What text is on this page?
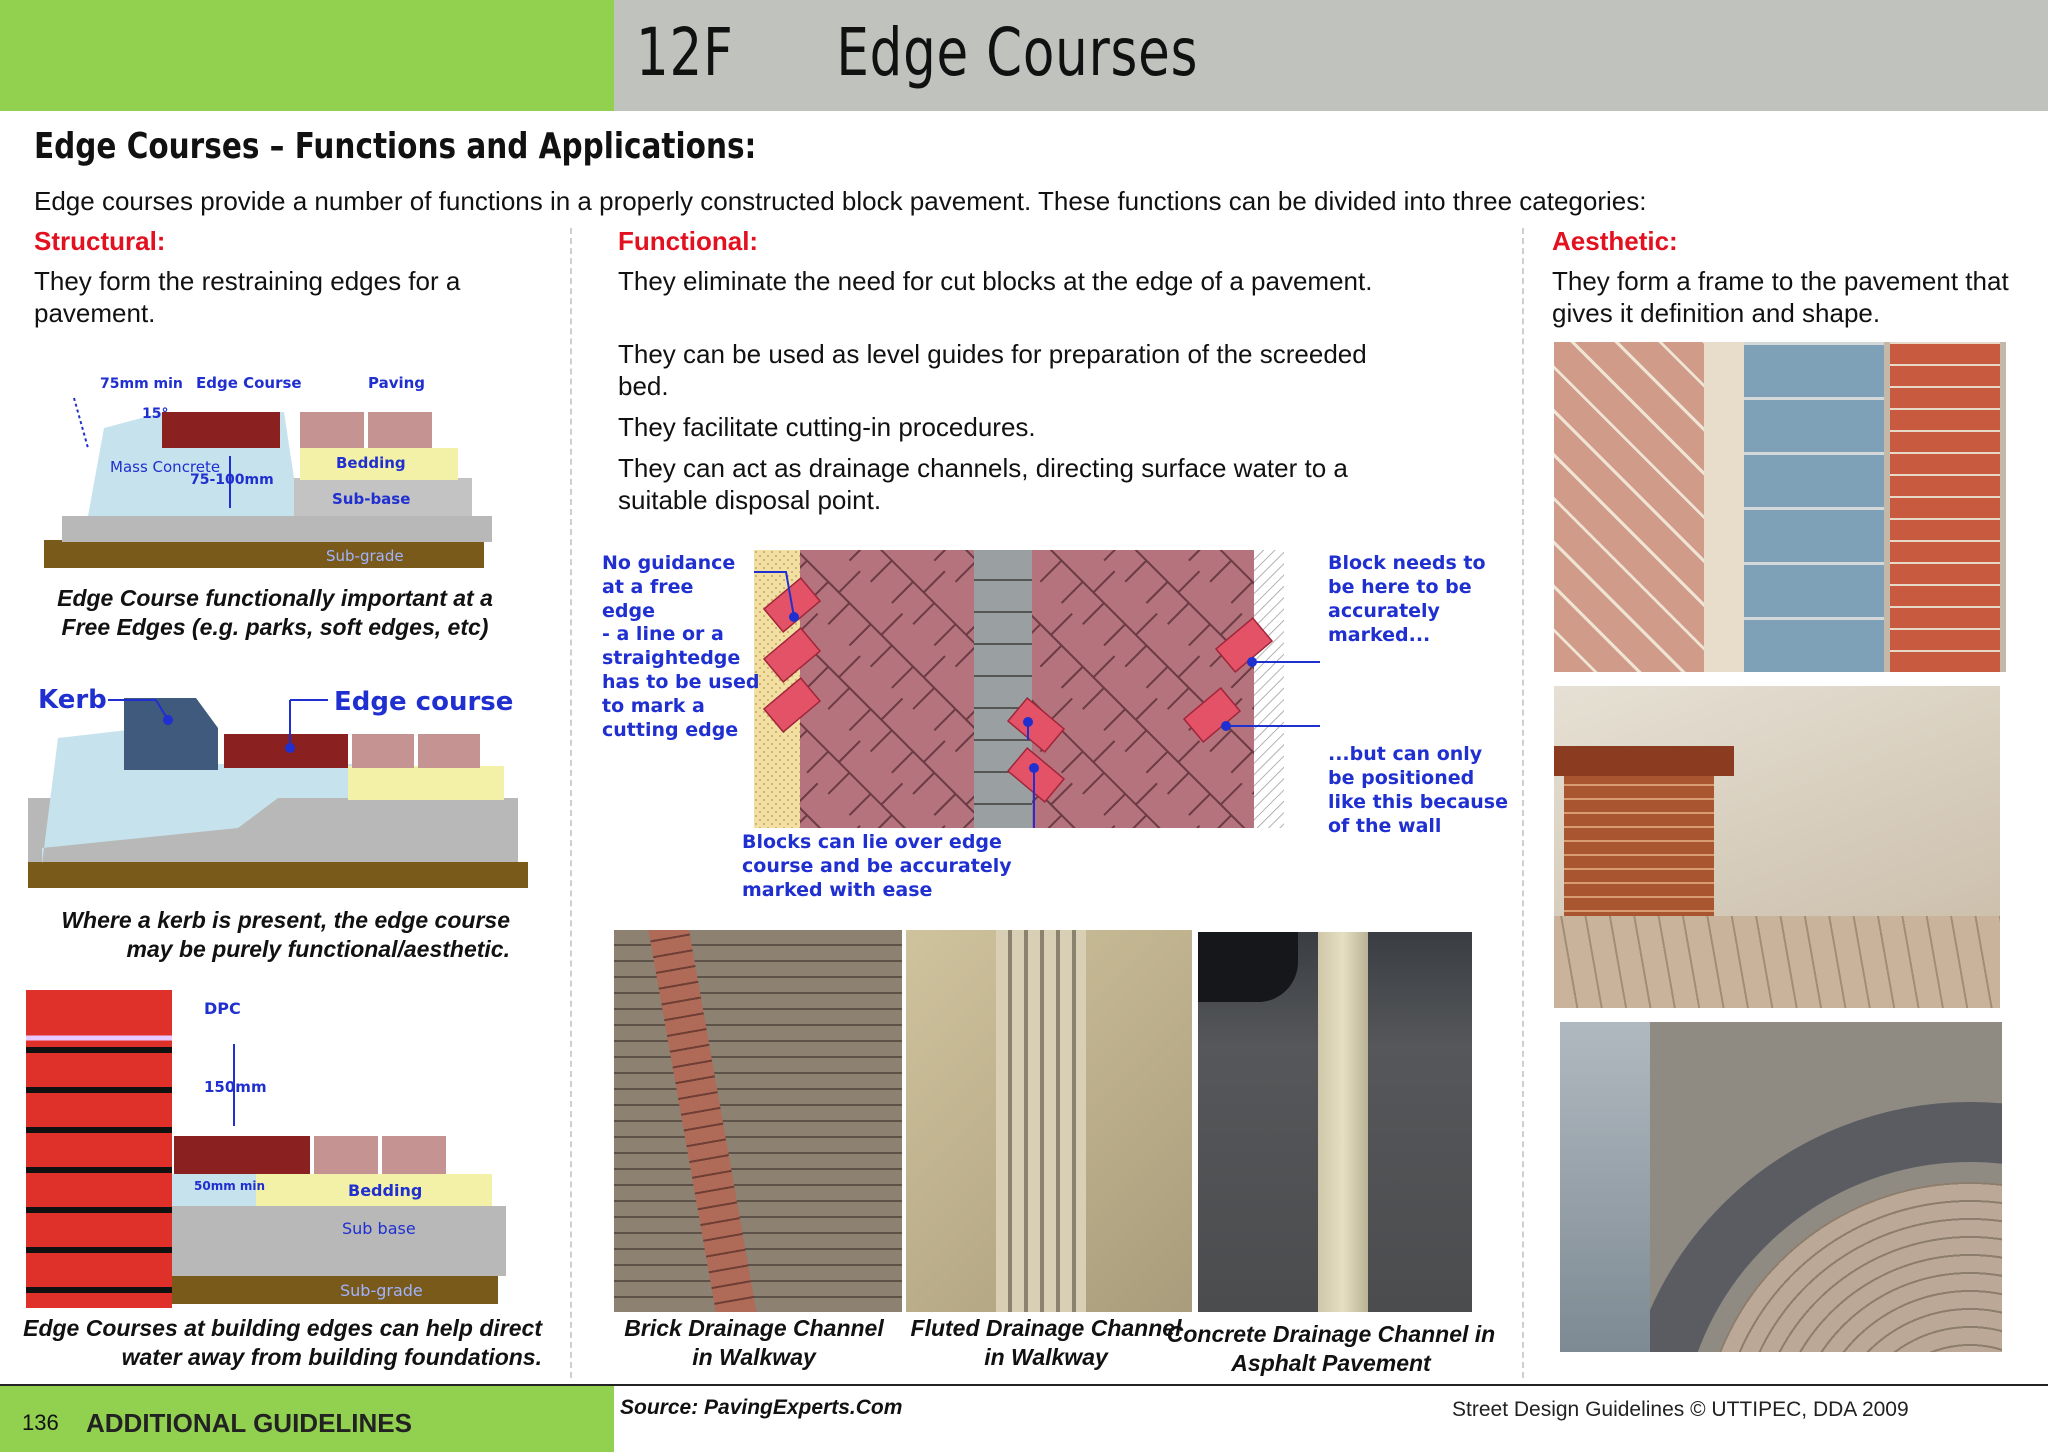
12F Edge Courses
Edge Courses – Functions and Applications:
Edge courses provide a number of functions in a properly constructed block pavement. These functions can be divided into three categories:
Structural:
They form the restraining edges for a pavement.
75mm min
15°
Edge Course	Paving
Mass Concrete
75-100mm
Bedding
Sub-base
Sub-grade
Edge Course functionally important at a Free Edges (e.g. parks, soft edges, etc)
Kerb	Edge course
Where a kerb is present, the edge course may be purely functional/aesthetic.
DPC
150mm
50mm min	Bedding
Sub base
Sub-grade
Edge Courses at building edges can help direct water away from building foundations.
Functional:
They eliminate the need for cut blocks at the edge of a pavement.
They can be used as level guides for preparation of the screeded bed.
They facilitate cutting-in procedures.
They can act as drainage channels, directing surface water to a suitable disposal point.
No guidance at a free edge
- a line or a straightedge has to be used to mark a cutting edge
Blocks can lie over edge course and be accurately marked with ease
Block needs to be here to be accurately marked...
...but can only be positioned like this because of the wall
Brick Drainage Channel in Walkway
Fluted Drainage Channel in Walkway
Concrete Drainage Channel in Asphalt Pavement
Aesthetic:
They form a frame to the pavement that gives it definition and shape.
136 ADDITIONAL GUIDELINES
Source: PavingExperts.Com	Street Design Guidelines © UTTIPEC, DDA 2009
